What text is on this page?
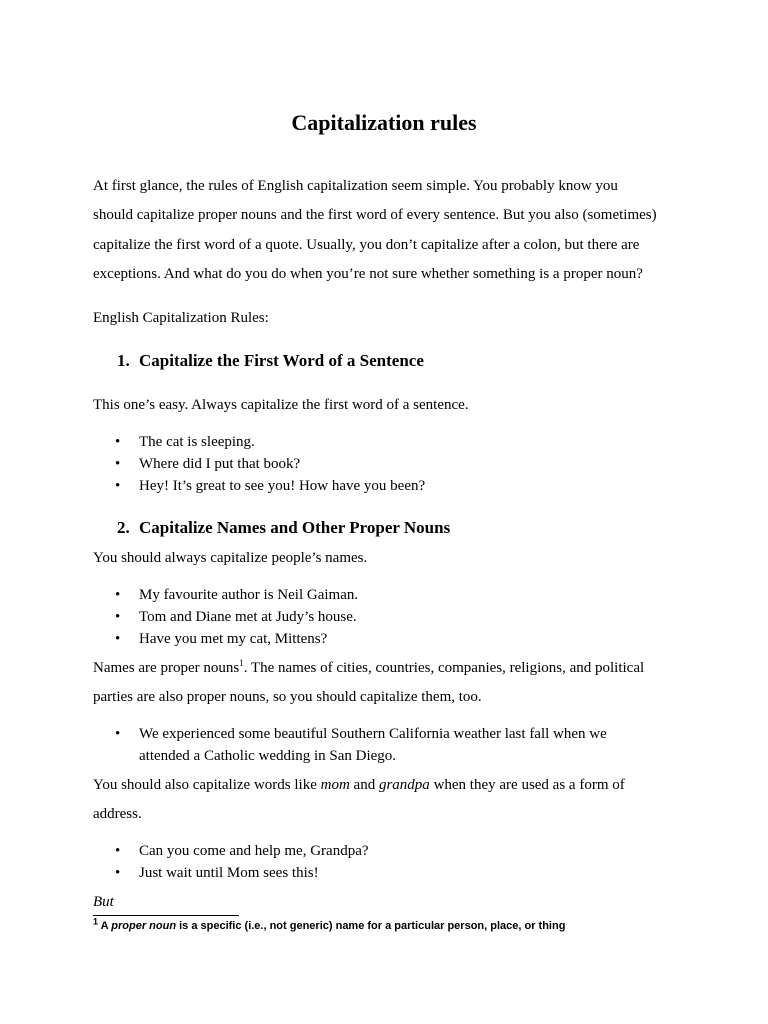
Capitalization rules
At first glance, the rules of English capitalization seem simple. You probably know you
should capitalize proper nouns and the first word of every sentence. But you also (sometimes)
capitalize the first word of a quote. Usually, you don’t capitalize after a colon, but there are
exceptions. And what do you do when you’re not sure whether something is a proper noun?
English Capitalization Rules:
1. Capitalize the First Word of a Sentence
This one’s easy. Always capitalize the first word of a sentence.
• The cat is sleeping.
• Where did I put that book?
• Hey! It’s great to see you! How have you been?
2. Capitalize Names and Other Proper Nouns
You should always capitalize people’s names.
• My favourite author is Neil Gaiman.
• Tom and Diane met at Judy’s house.
• Have you met my cat, Mittens?
Names are proper nouns$^1$. The names of cities, countries, companies, religions, and political
parties are also proper nouns, so you should capitalize them, too.
• We experienced some beautiful Southern California weather last fall when we
attended a Catholic wedding in San Diego.
You should also capitalize words like mom and grandpa when they are used as a form of
address.
• Can you come and help me, Grandpa?
• Just wait until Mom sees this!
But
$^1$ A proper noun is a specific (i.e., not generic) name for a particular person, place, or thing
